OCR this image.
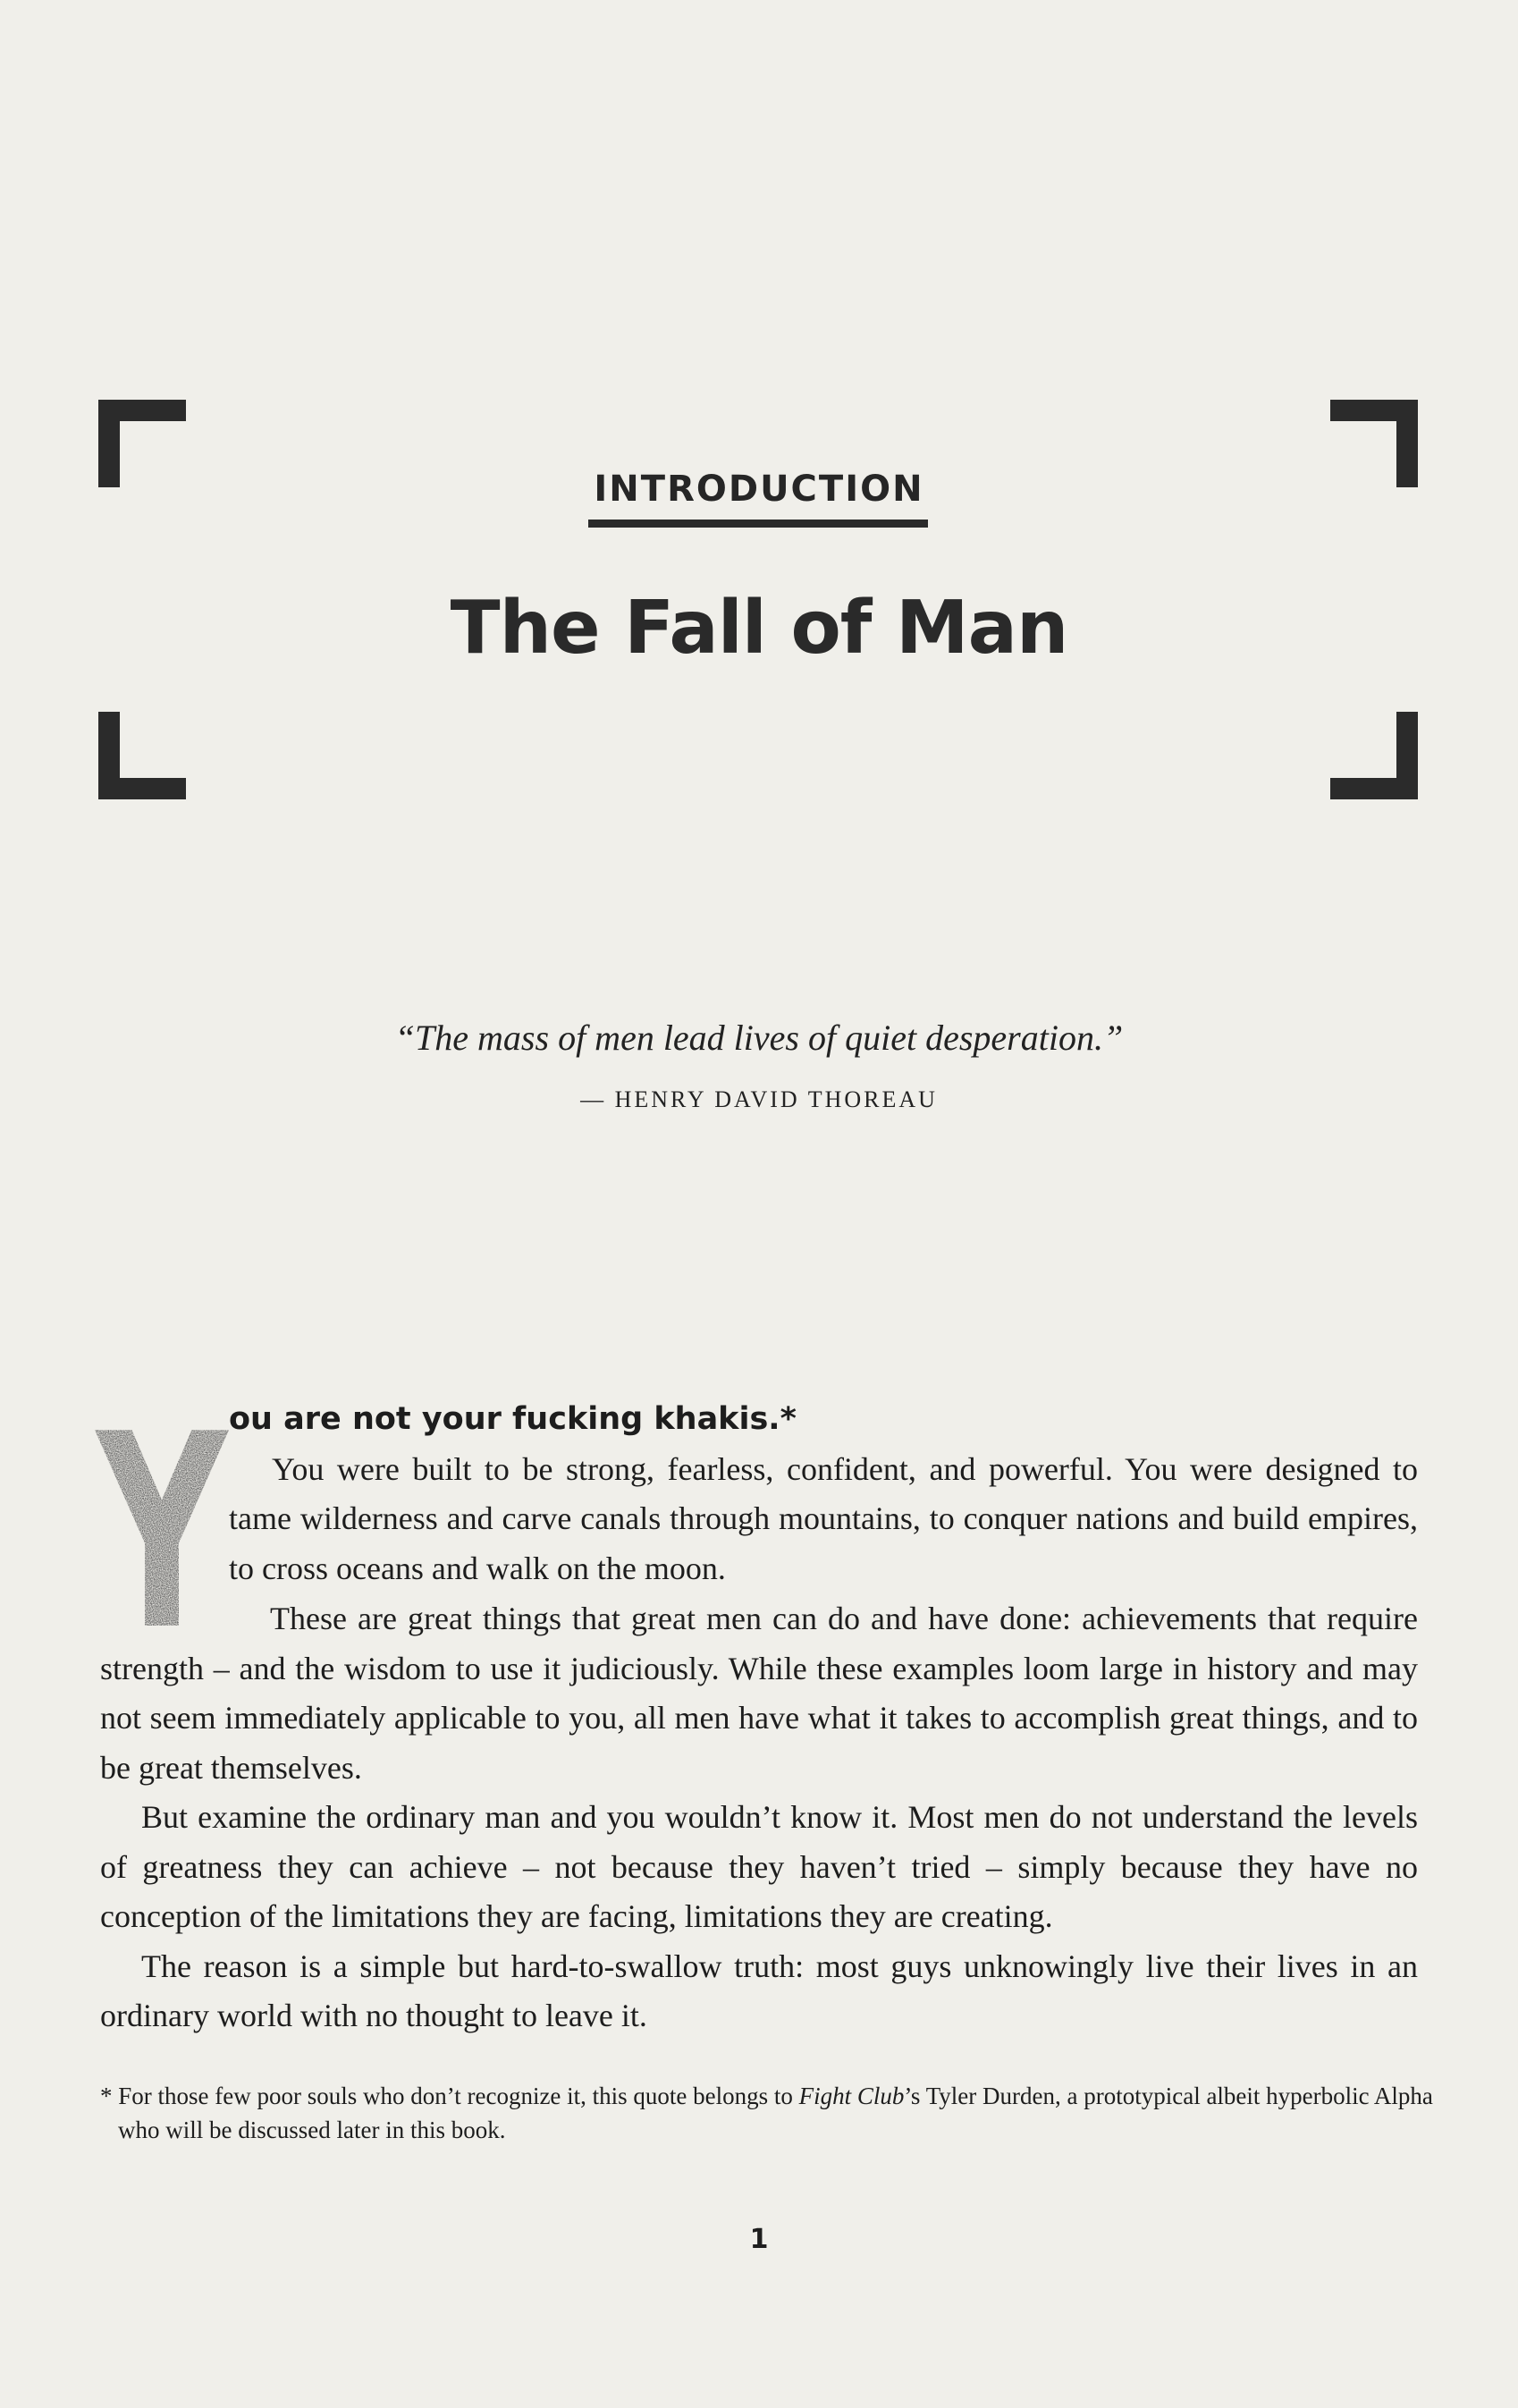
INTRODUCTION
The Fall of Man
“The mass of men lead lives of quiet desperation.”
— HENRY DAVID THOREAU
Y ou are not your fucking khakis.*

You were built to be strong, fearless, confident, and powerful. You were designed to tame wilderness and carve canals through mountains, to conquer nations and build empires, to cross oceans and walk on the moon.

These are great things that great men can do and have done: achievements that require strength – and the wisdom to use it judiciously. While these examples loom large in history and may not seem immediately applicable to you, all men have what it takes to accomplish great things, and to be great themselves.

But examine the ordinary man and you wouldn’t know it. Most men do not understand the levels of greatness they can achieve – not because they haven’t tried – simply because they have no conception of the limitations they are facing, limitations they are creating.

The reason is a simple but hard-to-swallow truth: most guys unknowingly live their lives in an ordinary world with no thought to leave it.

* For those few poor souls who don’t recognize it, this quote belongs to Fight Club’s Tyler Durden, a prototypical albeit hyperbolic Alpha who will be discussed later in this book.
1
